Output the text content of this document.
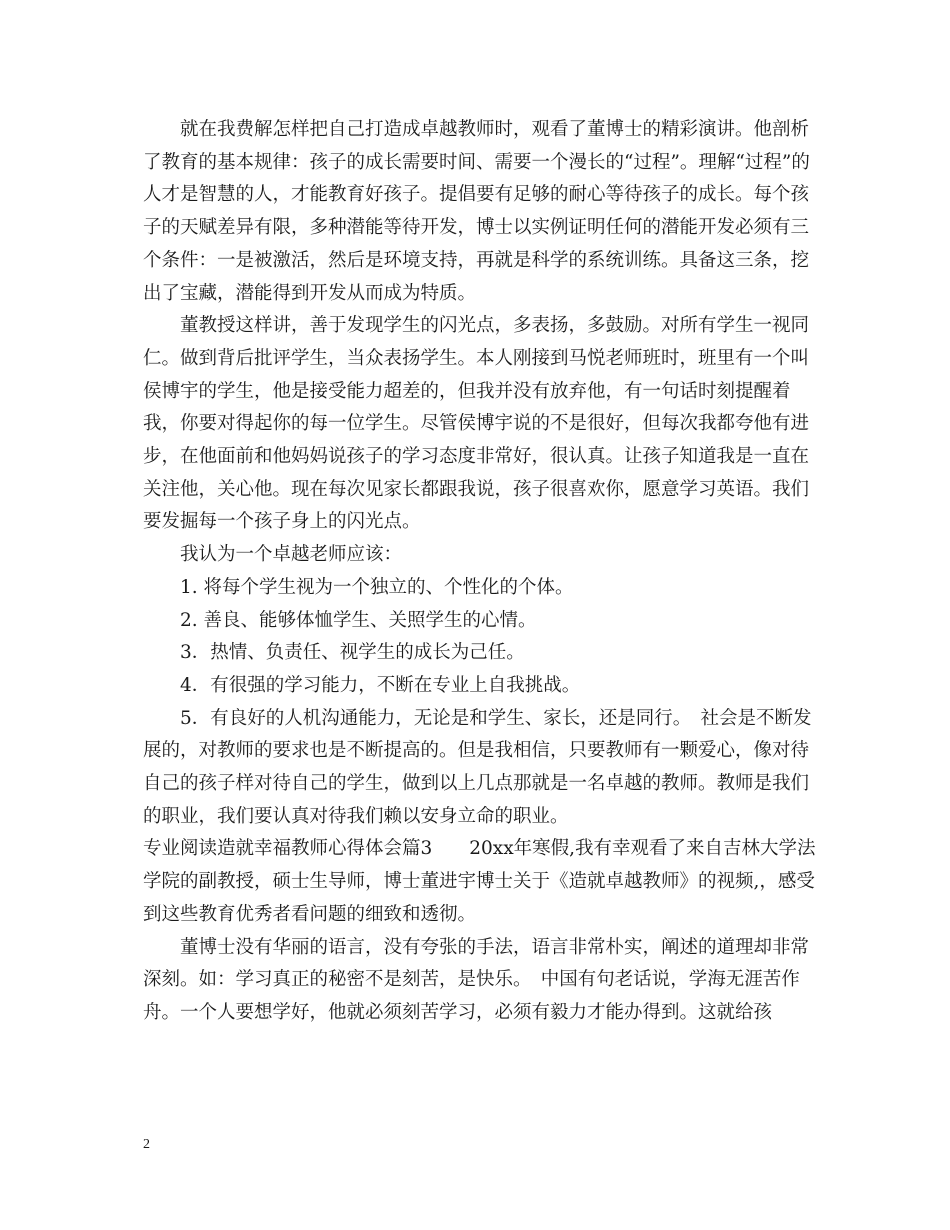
就在我费解怎样把自己打造成卓越教师时，观看了董博士的精彩演讲。他剖析了教育的基本规律：孩子的成长需要时间、需要一个漫长的“过程”。理解“过程”的人才是智慧的人，才能教育好孩子。提倡要有足够的耐心等待孩子的成长。每个孩子的天赋差异有限，多种潜能等待开发，博士以实例证明任何的潜能开发必须有三个条件：一是被激活，然后是环境支持，再就是科学的系统训练。具备这三条，挖出了宝藏，潜能得到开发从而成为特质。

董教授这样讲，善于发现学生的闪光点，多表扬，多鼓励。对所有学生一视同仁。做到背后批评学生，当众表扬学生。本人刚接到马悦老师班时，班里有一个叫侯博宇的学生，他是接受能力超差的，但我并没有放弃他，有一句话时刻提醒着我，你要对得起你的每一位学生。尽管侯博宇说的不是很好，但每次我都夸他有进步，在他面前和他妈妈说孩子的学习态度非常好，很认真。让孩子知道我是一直在关注他，关心他。现在每次见家长都跟我说，孩子很喜欢你，愿意学习英语。我们要发掘每一个孩子身上的闪光点。

我认为一个卓越老师应该：

1. 将每个学生视为一个独立的、个性化的个体。

2. 善良、能够体恤学生、关照学生的心情。

3．热情、负责任、视学生的成长为己任。

4．有很强的学习能力，不断在专业上自我挑战。

5．有良好的人机沟通能力，无论是和学生、家长，还是同行。　社会是不断发展的，对教师的要求也是不断提高的。但是我相信，只要教师有一颗爱心，像对待自己的孩子样对待自己的学生，做到以上几点那就是一名卓越的教师。教师是我们的职业，我们要认真对待我们赖以安身立命的职业。

专业阅读造就幸福教师心得体会篇3　　20xx年寒假,我有幸观看了来自吉林大学法学院的副教授，硕士生导师，博士董进宇博士关于《造就卓越教师》的视频,，感受到这些教育优秀者看问题的细致和透彻。

董博士没有华丽的语言，没有夸张的手法，语言非常朴实，阐述的道理却非常深刻。如：学习真正的秘密不是刻苦，是快乐。　中国有句老话说，学海无涯苦作舟。一个人要想学好，他就必须刻苦学习，必须有毅力才能办得到。这就给孩

2
